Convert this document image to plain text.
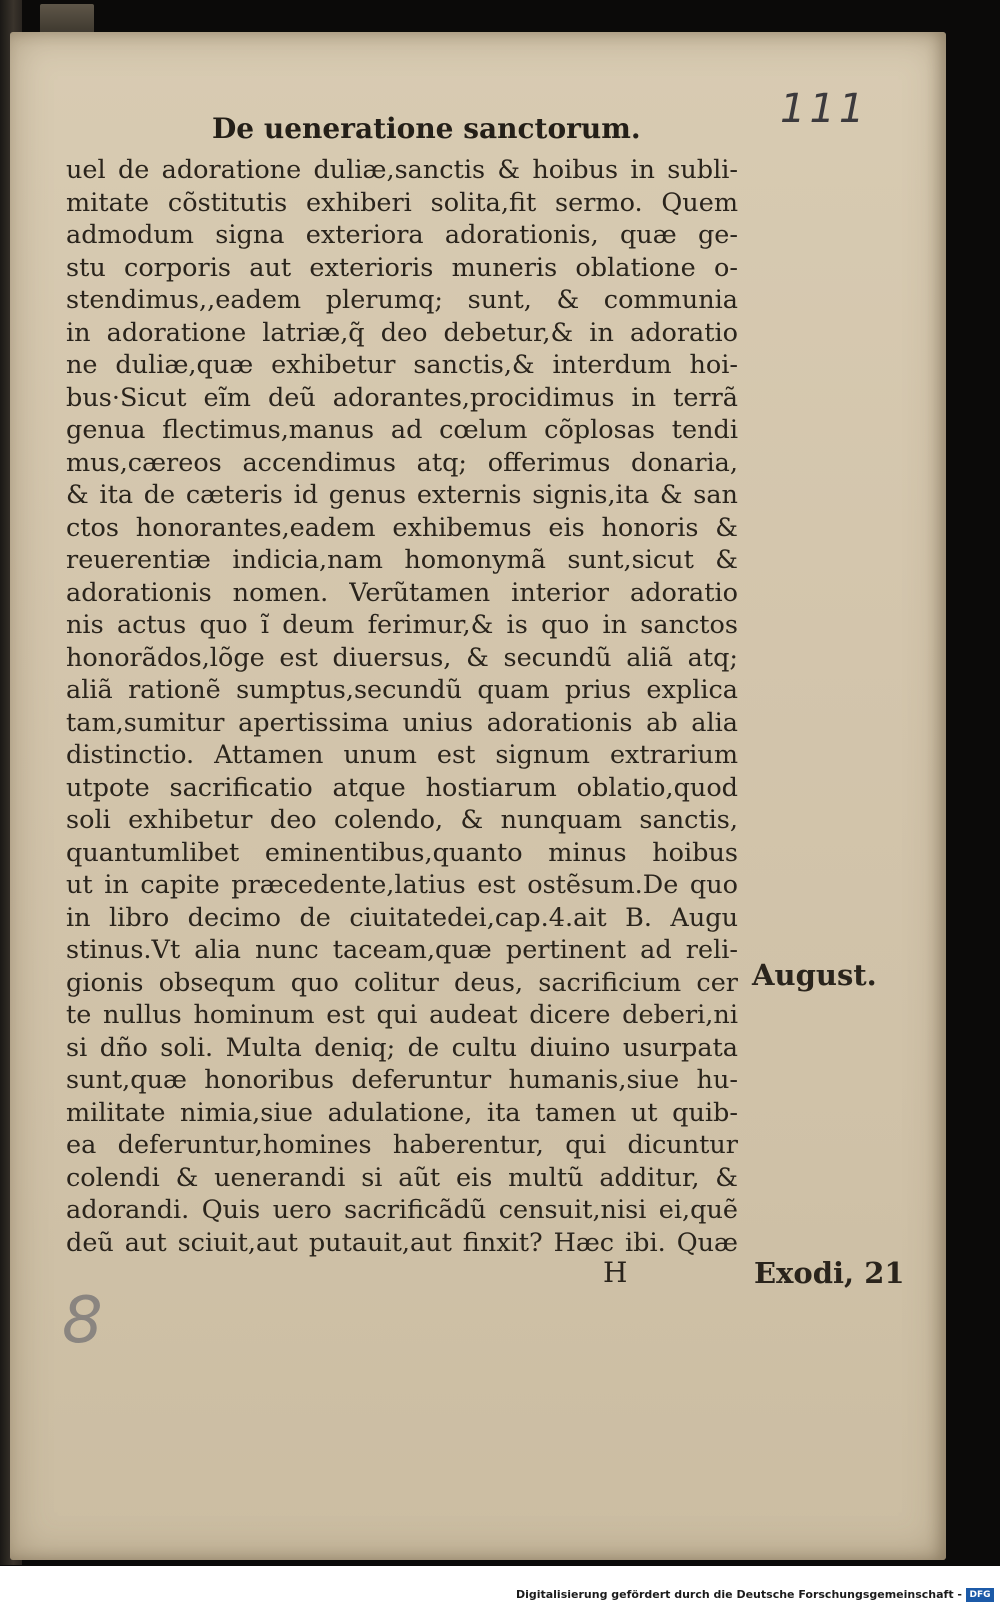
111
De ueneratione sanctorum.
uel de adoratione duliæ,sanctis & hoibus in subli-
mitate cõstitutis exhiberi solita,fit sermo. Quem
admodum signa exteriora adorationis, quæ ge-
stu corporis aut exterioris muneris oblatione o-
stendimus,,eadem plerumq; sunt, & communia
in adoratione latriæ,q̃ deo debetur,& in adoratio
ne duliæ,quæ exhibetur sanctis,& interdum hoi-
bus·Sicut eĩm deũ adorantes,procidimus in terrã
genua flectimus,manus ad cœlum cõplosas tendi
mus,cæreos accendimus atq; offerimus donaria,
& ita de cæteris id genus externis signis,ita & san
ctos honorantes,eadem exhibemus eis honoris &
reuerentiæ indicia,nam homonymã sunt,sicut &
adorationis nomen. Verũtamen interior adoratio
nis actus quo ĩ deum ferimur,& is quo in sanctos
honorãdos,lõge est diuersus, & secundũ aliã atq;
aliã rationẽ sumptus,secundũ quam prius explica
tam,sumitur apertissima unius adorationis ab alia
distinctio. Attamen unum est signum extrarium
utpote sacrificatio atque hostiarum oblatio,quod
soli exhibetur deo colendo, & nunquam sanctis,
quantumlibet eminentibus,quanto minus hoibus
ut in capite præcedente,latius est ostẽsum.De quo
in libro decimo de ciuitatedei,cap.4.ait B. Augu
stinus.Vt alia nunc taceam,quæ pertinent ad reli-
gionis obsequm quo colitur deus, sacrificium cer
te nullus hominum est qui audeat dicere deberi,ni
si dño soli. Multa deniq; de cultu diuino usurpata
sunt,quæ honoribus deferuntur humanis,siue hu-
militate nimia,siue adulatione, ita tamen ut quib-
ea deferuntur,homines haberentur, qui dicuntur
colendi & uenerandi si aũt eis multũ additur, &
adorandi. Quis uero sacrificãdũ censuit,nisi ei,quẽ
deũ aut sciuit,aut putauit,aut finxit? Hæc ibi. Quæ
August.
Exodi, 21
H
8
Digitalisierung gefördert durch die Deutsche Forschungsgemeinschaft - DFG
